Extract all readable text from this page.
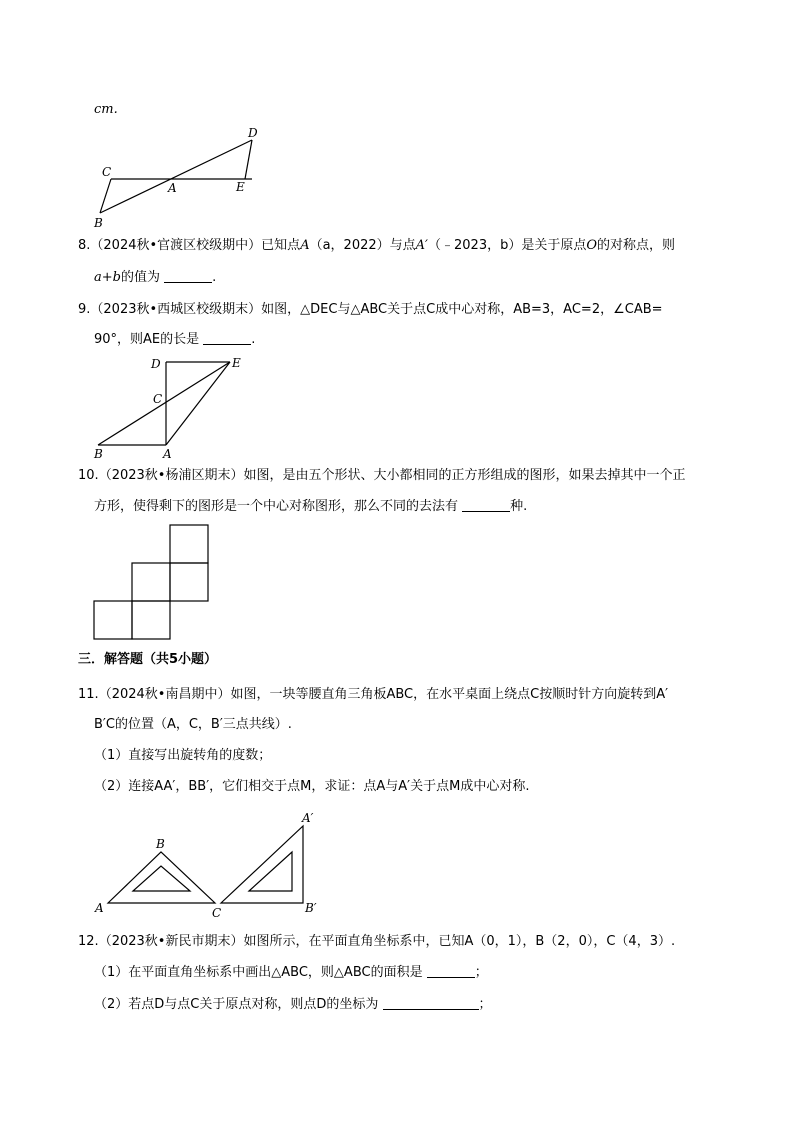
cm.
C
D
A	E
B
8.（2024秋•官渡区校级期中）已知点A（a，2022）与点A′（﹣2023，b）是关于原点O的对称点，则
a+b的值为	.
9.（2023秋•西城区校级期末）如图，△DEC与△ABC关于点C成中心对称，AB=3，AC=2，∠CAB=
90°，则AE的长是	.
D	E
C
B	A
10.（2023秋•杨浦区期末）如图，是由五个形状、大小都相同的正方形组成的图形，如果去掉其中一个正
方形，使得剩下的图形是一个中心对称图形，那么不同的去法有	种.
三．解答题（共5小题）
11.（2024秋•南昌期中）如图，一块等腰直角三角板ABC，在水平桌面上绕点C按顺时针方向旋转到A′
B′C的位置（A，C，B′三点共线）.
（1）直接写出旋转角的度数；
（2）连接AA′，BB′，它们相交于点M，求证：点A与A′关于点M成中心对称.
A
B
C
A′
B′
12.（2023秋•新民市期末）如图所示，在平面直角坐标系中，已知A（0，1），B（2，0），C（4，3）.
（1）在平面直角坐标系中画出△ABC，则△ABC的面积是	；
（2）若点D与点C关于原点对称，则点D的坐标为	；
